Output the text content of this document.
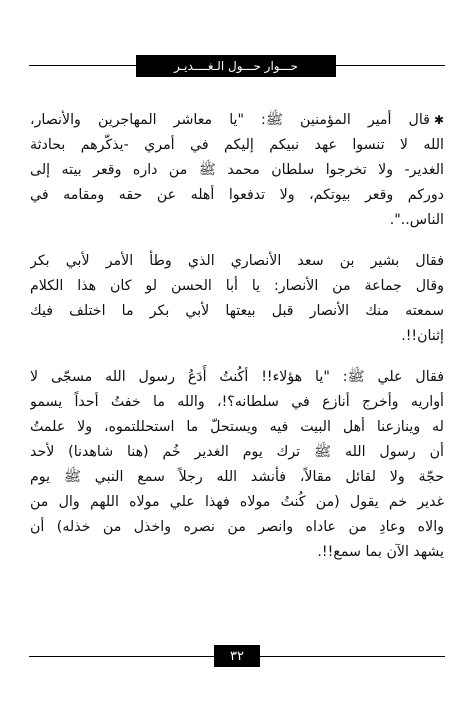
حـــوار حـــول الـغــــديـر
✱قال أمير المؤمنين ﷺ: "يا معاشر المهاجرين والأنصار،
الله لا تنسوا عهد نبيكم إليكم في أمري -يذكّرهم بحادثة
الغدير- ولا تخرجوا سلطان محمد ﷺ من داره وقعر بيته إلى
دوركم وقعر بيوتكم، ولا تدفعوا أهله عن حقه ومقامه في
الناس..".
فقال بشير بن سعد الأنصاري الذي وطأ الأمر لأبي بكر
وقال جماعة من الأنصار: يا أبا الحسن لو كان هذا الكلام
سمعته منك الأنصار قبل بيعتها لأبي بكر ما اختلف فيك
إثنان!!.
فقال علي ﷺ: "يا هؤلاء!! أكُنتُ أَدَعُ رسول الله مسجّى لا
أواريه وأخرج أنازع في سلطانه؟!، والله ما خفتُ أحداً يسمو
له وينازعنا أهل البيت فيه ويستحلّ ما استحللتموه، ولا علمتُ
أن رسول الله ﷺ ترك يوم الغدير خُم (هنا شاهدنا) لأحد
حجّة ولا لقائل مقالاً، فأنشد الله رجلاً سمع النبي ﷺ يوم
غدير خم يقول (من كُنتُ مولاه فهذا علي مولاه اللهم وال من
والاه وعادِ من عاداه وانصر من نصره واخذل من خذله) أن
يشهد الآن بما سمع!!.
٣٢
